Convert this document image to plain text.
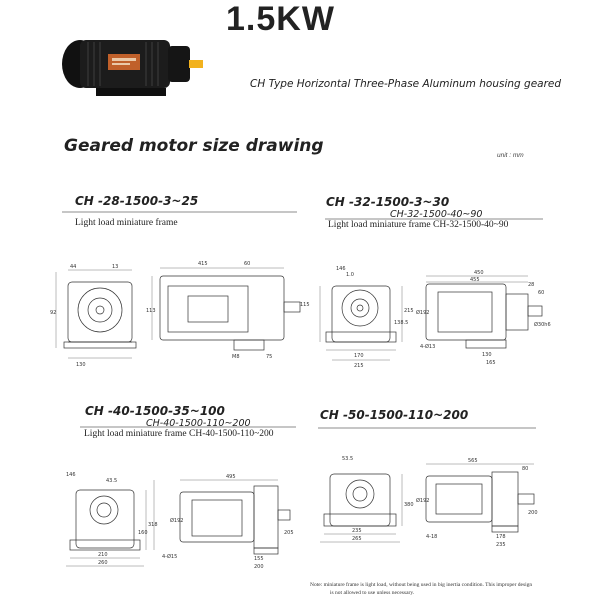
1.5KW
CH Type Horizontal Three-Phase Aluminum housing geared
Geared motor size drawing	unit : mm
CH -28-1500-3~25
Light load miniature frame
130
92
13
44	415	60
75
M8
115
113
CH -32-1500-3~30
CH-32-1500-40~90
Light load miniature frame CH-32-1500-40~90
146
450
455
28
60
1.0
138.5
215
170
215
4-Ø13
130
165
Ø30h6
Ø192
CH -40-1500-35~100
CH-40-1500-110~200
Light load miniature frame CH-40-1500-110~200
146
43.5
495
Ø192
160
318
210
260
4-Ø15	155
200
205
CH -50-1500-110~200
53.5	565
80
Ø192
380
235
265	4-18	178
235
200
Note: miniature frame is light load, without being used in big inertia condition. This improper design
is not allowed to use unless necessary.
